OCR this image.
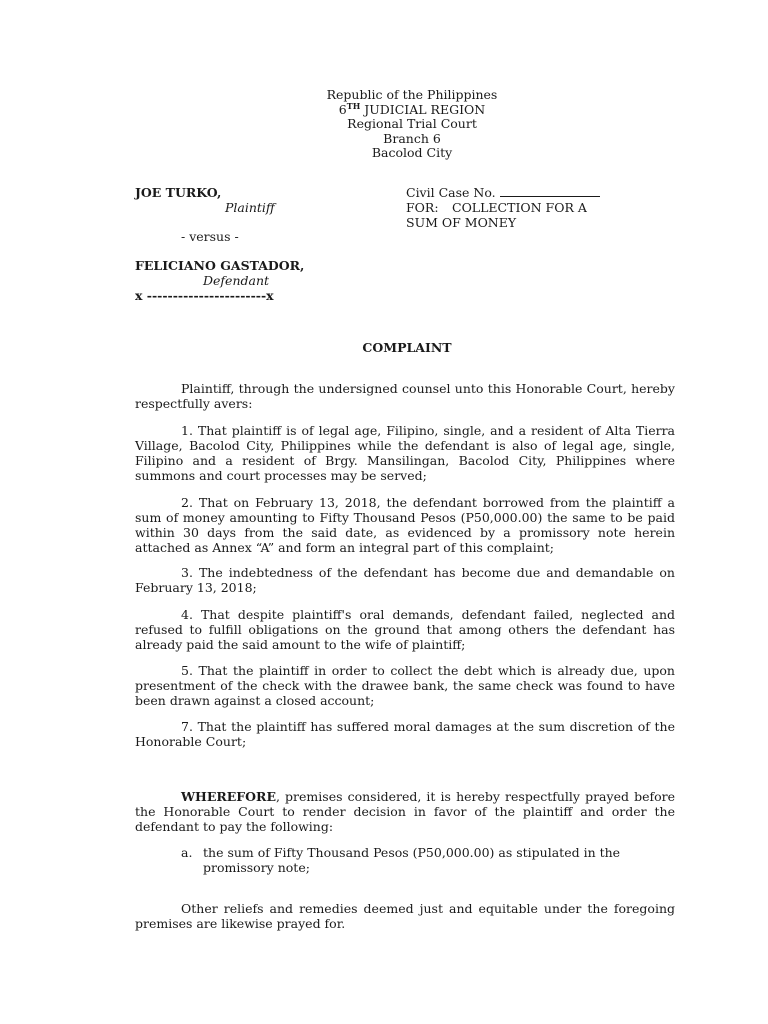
Republic of the Philippines
6TH JUDICIAL REGION
Regional Trial Court
Branch 6
Bacolod City
JOE TURKO,
Plaintiff
- versus -
FELICIANO GASTADOR,
Defendant
x -----------------------x
Civil Case No.
FOR:	COLLECTION FOR A SUM OF MONEY
COMPLAINT
Plaintiff, through the undersigned counsel unto this Honorable Court, hereby respectfully avers:
1. That plaintiff is of legal age, Filipino, single, and a resident of Alta Tierra Village, Bacolod City, Philippines while the defendant is also of legal age, single, Filipino and a resident of Brgy. Mansilingan, Bacolod City, Philippines where summons and court processes may be served;
2. That on February 13, 2018, the defendant borrowed from the plaintiff a sum of money amounting to Fifty Thousand Pesos (P50,000.00) the same to be paid within 30 days from the said date, as evidenced by a promissory note herein attached as Annex “A” and form an integral part of this complaint;
3. The indebtedness of the defendant has become due and demandable on February 13, 2018;
4. That despite plaintiff's oral demands, defendant failed, neglected and refused to fulfill obligations on the ground that among others the defendant has already paid the said amount to the wife of plaintiff;
5. That the plaintiff in order to collect the debt which is already due, upon presentment of the check with the drawee bank, the same check was found to have been drawn against a closed account;
7. That the plaintiff has suffered moral damages at the sum discretion of the Honorable Court;
WHEREFORE, premises considered, it is hereby respectfully prayed before the Honorable Court to render decision in favor of the plaintiff and order the defendant to pay the following:
a. the sum of Fifty Thousand Pesos (P50,000.00) as stipulated in the promissory note;
Other reliefs and remedies deemed just and equitable under the foregoing premises are likewise prayed for.
